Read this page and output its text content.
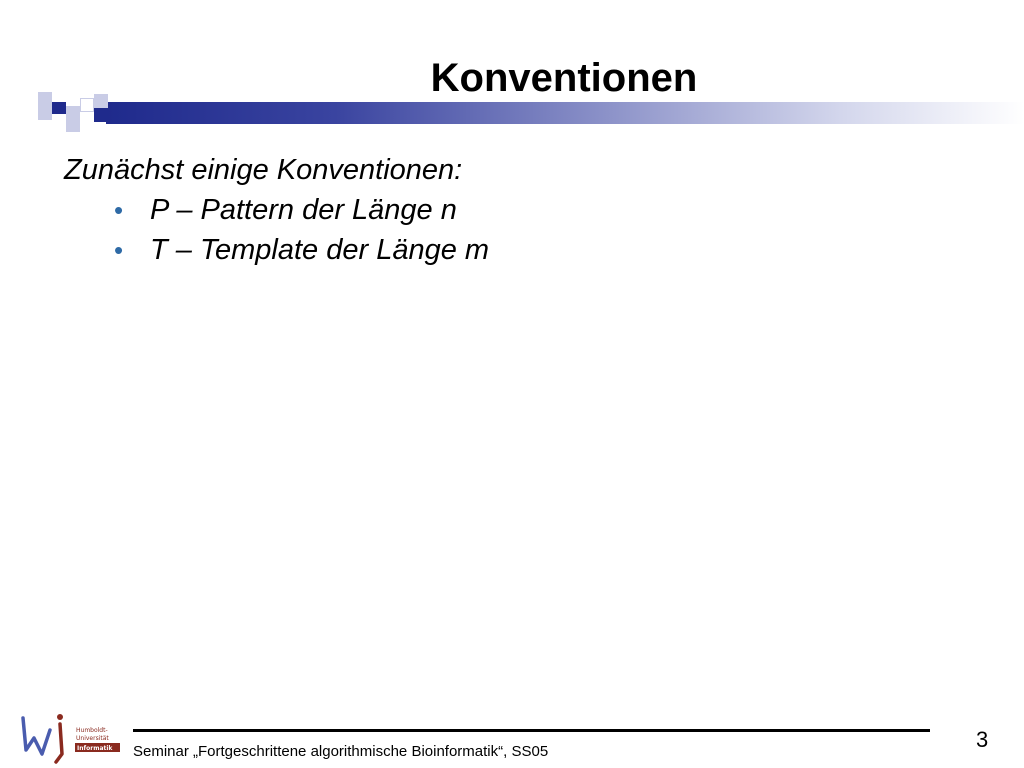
Konventionen

Zunächst einige Konventionen:

• P – Pattern der Länge n
• T – Template der Länge m
Humboldt-
Universität
Informatik Seminar „Fortgeschrittene algorithmische Bioinformatik“, SS05	3
